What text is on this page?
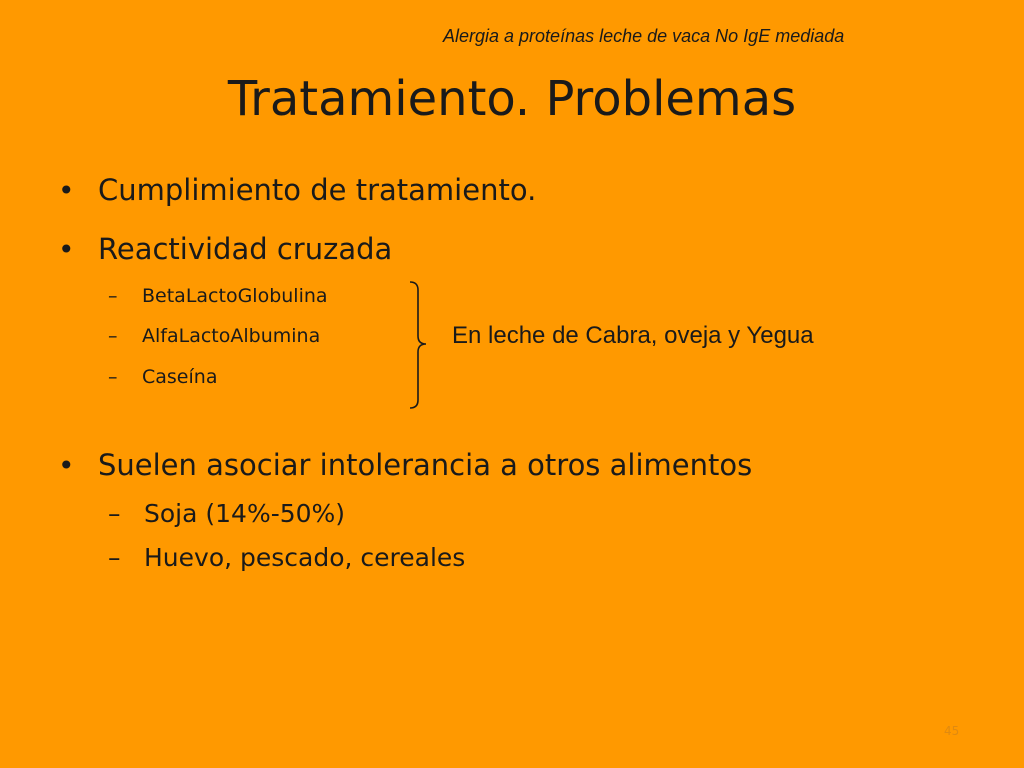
Alergia a proteínas leche de vaca No IgE mediada
Tratamiento. Problemas
• Cumplimiento de tratamiento.
• Reactividad cruzada
– BetaLactoGlobulina
– AlfaLactoAlbumina
– Caseína
En leche de Cabra, oveja y Yegua
• Suelen asociar intolerancia a otros alimentos
– Soja (14%-50%)
– Huevo, pescado, cereales
45
